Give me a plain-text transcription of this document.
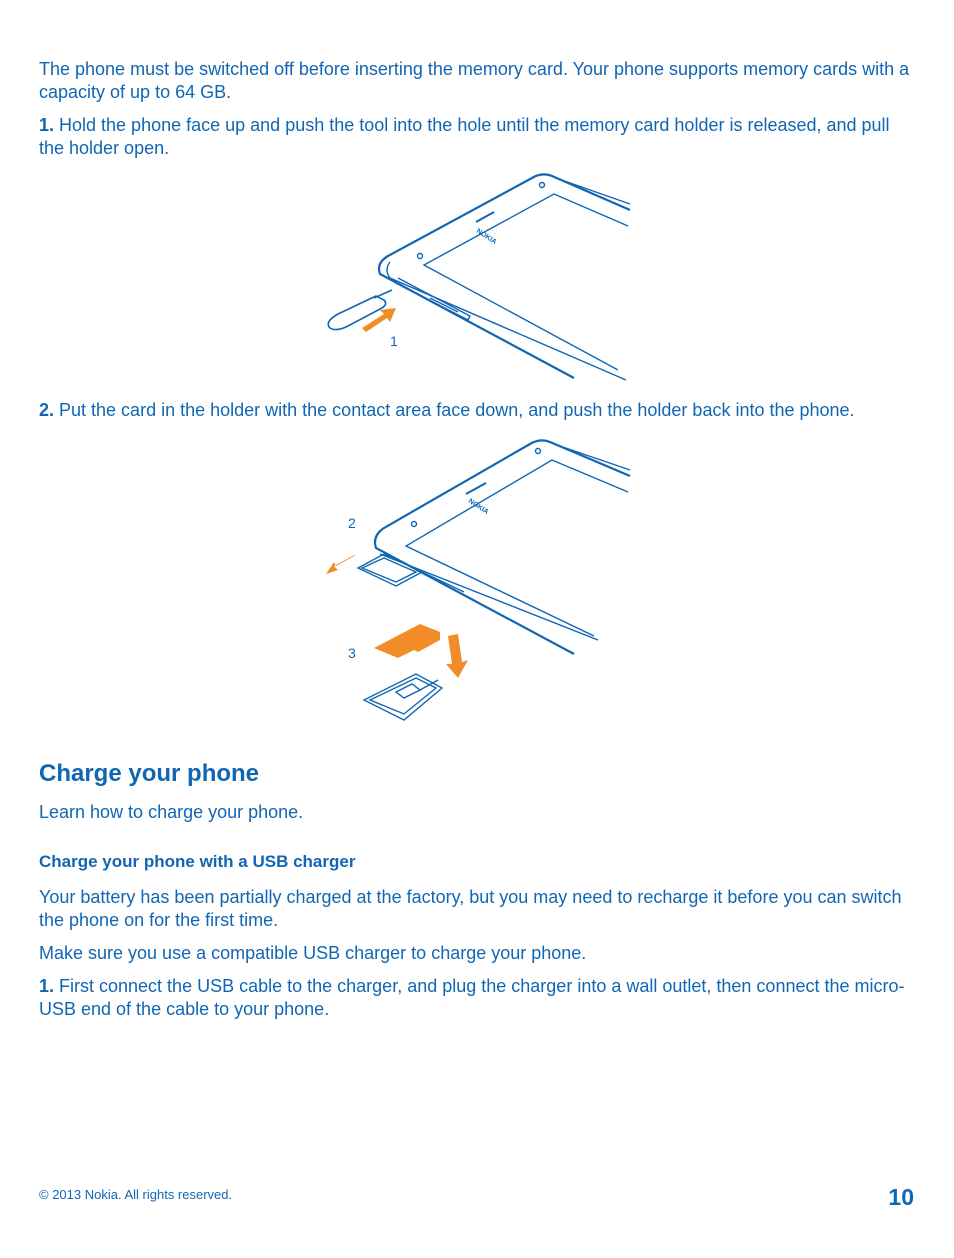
The phone must be switched off before inserting the memory card. Your phone supports memory cards with a capacity of up to 64 GB.

1. Hold the phone face up and push the tool into the hole until the memory card holder is released, and pull the holder open.

NOKIA
1

2. Put the card in the holder with the contact area face down, and push the holder back into the phone.

NOKIA
2
3
Charge your phone

Learn how to charge your phone.

Charge your phone with a USB charger

Your battery has been partially charged at the factory, but you may need to recharge it before you can switch the phone on for the first time.

Make sure you use a compatible USB charger to charge your phone.

1. First connect the USB cable to the charger, and plug the charger into a wall outlet, then connect the micro-USB end of the cable to your phone.

© 2013 Nokia. All rights reserved.	10
